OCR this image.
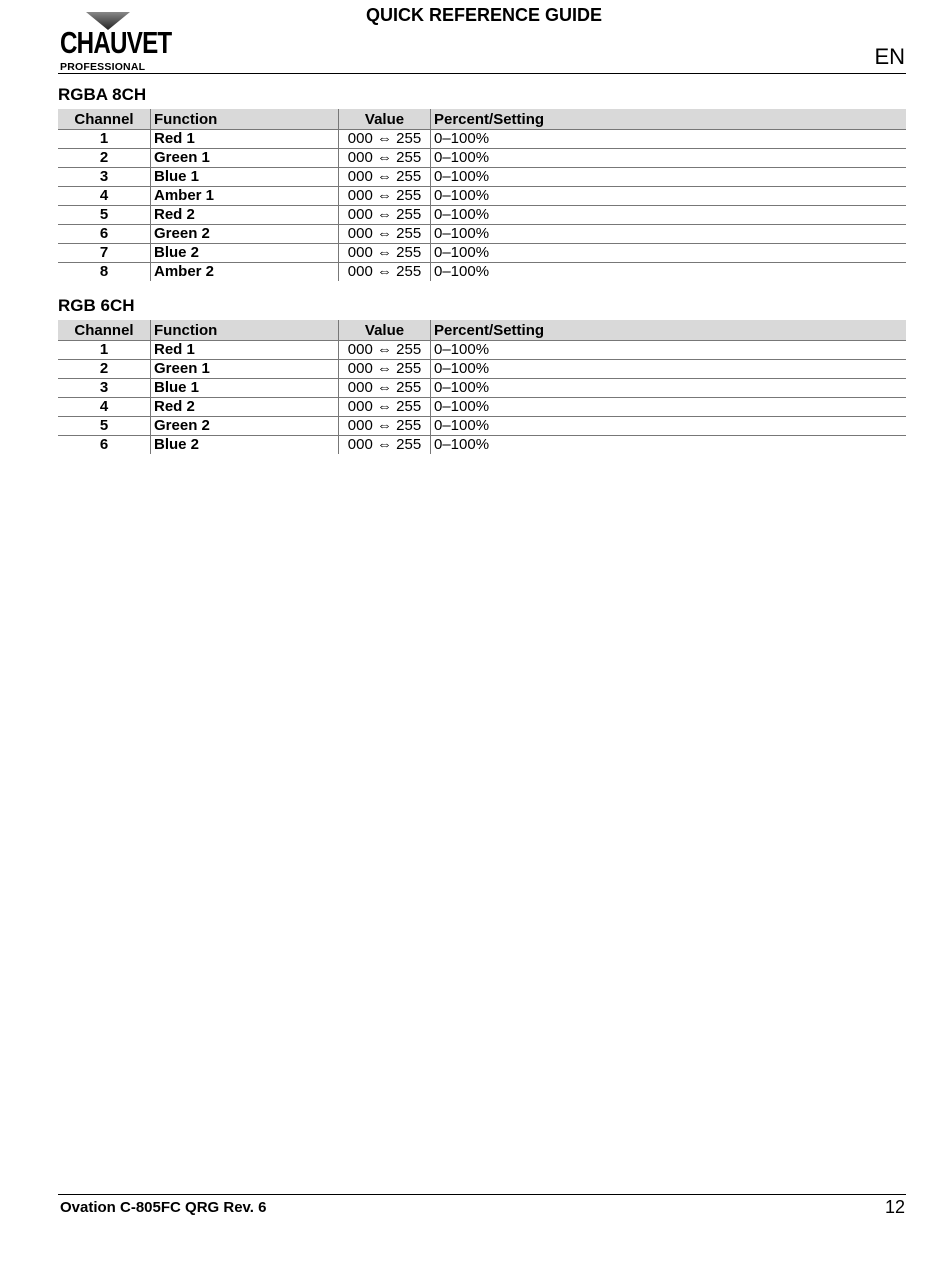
QUICK REFERENCE GUIDE
CHAUVET
PROFESSIONAL	EN
RGBA 8CH
Channel	Function	Value	Percent/Setting
1	Red 1	000 ⇔ 255	0–100%
2	Green 1	000 ⇔ 255	0–100%
3	Blue 1	000 ⇔ 255	0–100%
4	Amber 1	000 ⇔ 255	0–100%
5	Red 2	000 ⇔ 255	0–100%
6	Green 2	000 ⇔ 255	0–100%
7	Blue 2	000 ⇔ 255	0–100%
8	Amber 2	000 ⇔ 255	0–100%
RGB 6CH
Channel	Function	Value	Percent/Setting
1	Red 1	000 ⇔ 255	0–100%
2	Green 1	000 ⇔ 255	0–100%
3	Blue 1	000 ⇔ 255	0–100%
4	Red 2	000 ⇔ 255	0–100%
5	Green 2	000 ⇔ 255	0–100%
6	Blue 2	000 ⇔ 255	0–100%
Ovation C-805FC QRG Rev. 6	12
